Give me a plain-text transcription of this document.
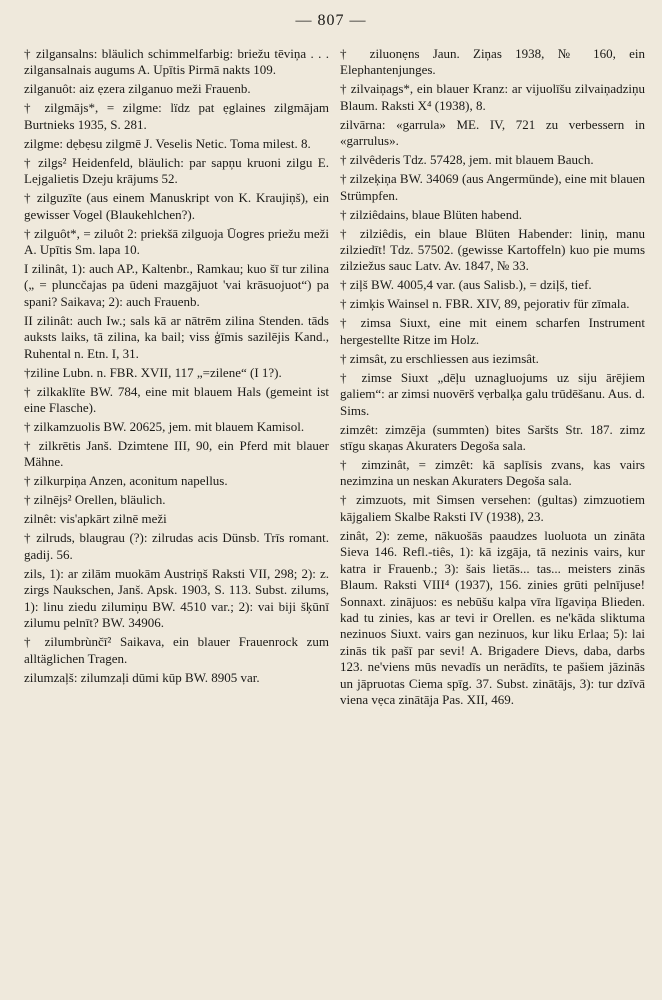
— 807 —

† zilgansalns: bläulich schimmelfarbig: briežu tēviņa . . . zilgansalnais augums A. Upītis Pirmā nakts 109.

zilganuôt: aiz ẹzera zilganuo meži Frauenb.

† zilgmājs*, = zilgme: lïdz pat ẹglaines zilgmājam Burtnieks 1935, S. 281.

zilgme: dẹbẹsu zilgmē J. Veselis Netic. Toma milest. 8.

† zilgs² Heidenfeld, bläulich: par sapņu kruoni zilgu E. Lejgalietis Dzeju krājums 52.

† zilguzīte (aus einem Manuskript von K. Kraujiņš), ein gewisser Vogel (Blaukehlchen?).

† zilguôt*, = ziluôt 2: priekšā zilguoja Ūogres priežu meži A. Upītis Sm. lapa 10.

I zilinât, 1): auch AP., Kaltenbr., Ramkau; kuo šī tur zilina („ = pluncčajas pa ūdeni mazgājuot 'vai krāsuojuot“) pa spani? Saikava; 2): auch Frauenb.

II zilinât: auch Iw.; sals kā ar nātrēm zilina Stenden. tāds auksts laiks, tā zilina, ka bail; viss ģīmis sazilējis Kand., Ruhental n. Etn. I, 31.

†ziline Lubn. n. FBR. XVII, 117 „=zilene“ (I 1?).

† zilkaklīte BW. 784, eine mit blauem Hals (gemeint ist eine Flasche).

† zilkamzuolis BW. 20625, jem. mit blauem Kamisol.

† zilkrētis Janš. Dzimtene III, 90, ein Pferd mit blauer Mähne.

† zilkurpiņa Anzen, aconitum napellus.

† zilnējs² Orellen, bläulich.

zilnêt: vis'apkārt zilnē meži

† zilruds, blaugrau (?): zilrudas acis Dünsb. Trīs romant. gadij. 56.

zils, 1): ar zilām muokām Austriņš Raksti VII, 298; 2): z. zirgs Naukschen, Janš. Apsk. 1903, S. 113. Subst. zilums, 1): linu ziedu zilumiņu BW. 4510 var.; 2): vai biji šķūnī zilumu pelnīt? BW. 34906.

† zilumbrùnčī² Saikava, ein blauer Frauenrock zum alltäglichen Tragen.

zilumzaļš: zilumzaļi dūmi kūp BW. 8905 var.

† ziluonẹns Jaun. Ziņas 1938, № 160, ein Elephantenjunges.

† zilvaiņags*, ein blauer Kranz: ar vijuolīšu zilvaiņadziņu Blaum. Raksti X⁴ (1938), 8.

zilvārna: «garrula» ME. IV, 721 zu verbessern in «garrulus».

† zilvêderis Tdz. 57428, jem. mit blauem Bauch.

† zilzeķiņa BW. 34069 (aus Angermünde), eine mit blauen Strümpfen.

† zilziêdains, blaue Blüten habend.

† zilziêdis, ein blaue Blüten Habender: liniņ, manu zilziedīt! Tdz. 57502. (gewisse Kartoffeln) kuo pie mums zilziežus sauc Latv. Av. 1847, № 33.

† ziļš BW. 4005,4 var. (aus Salisb.), = dziļš, tief.

† zimķis Wainsel n. FBR. XIV, 89, pejorativ für zīmala.

† zimsa Siuxt, eine mit einem scharfen Instrument hergestellte Ritze im Holz.

† zimsât, zu erschliessen aus iezimsât.

† zimse Siuxt „dēļu uznagluojums uz siju ārējiem galiem“: ar zimsi nuovērš vẹrbalķa galu trūdēšanu. Aus. d. Sims.

zimzêt: zimzēja (summten) bites Saršts Str. 187. zimz stīgu skaņas Akuraters Degoša sala.

† zimzinât, = zimzêt: kā saplīsis zvans, kas vairs nezimzina un neskan Akuraters Degoša sala.

† zimzuots, mit Simsen versehen: (gultas) zimzuotiem kājgaliem Skalbe Raksti IV (1938), 23.

zinât, 2): zeme, nākuošās paaudzes luoluota un zināta Sieva 146. Refl.-tiês, 1): kā izgāja, tā nezinis vairs, kur katra ir Frauenb.; 3): šais lietās... tas... meisters zinās Blaum. Raksti VIII⁴ (1937), 156. zinies grūti pelnījuse! Sonnaxt. zinājuos: es nebūšu kalpa vīra līgaviņa Blieden. kad tu zinies, kas ar tevi ir Orellen. es ne'kāda sliktuma nezinuos Siuxt. vairs gan nezinuos, kur liku Erlaa; 5): lai zinās tik pašī par sevi! A. Brigadere Dievs, daba, darbs 123. ne'viens mūs nevadīs un nerādīts, te pašiem jāzinās un jāpruotas Ciema spīg. 37. Subst. zinātājs, 3): tur dzīvā viena vẹca zinātāja Pas. XII, 469.
